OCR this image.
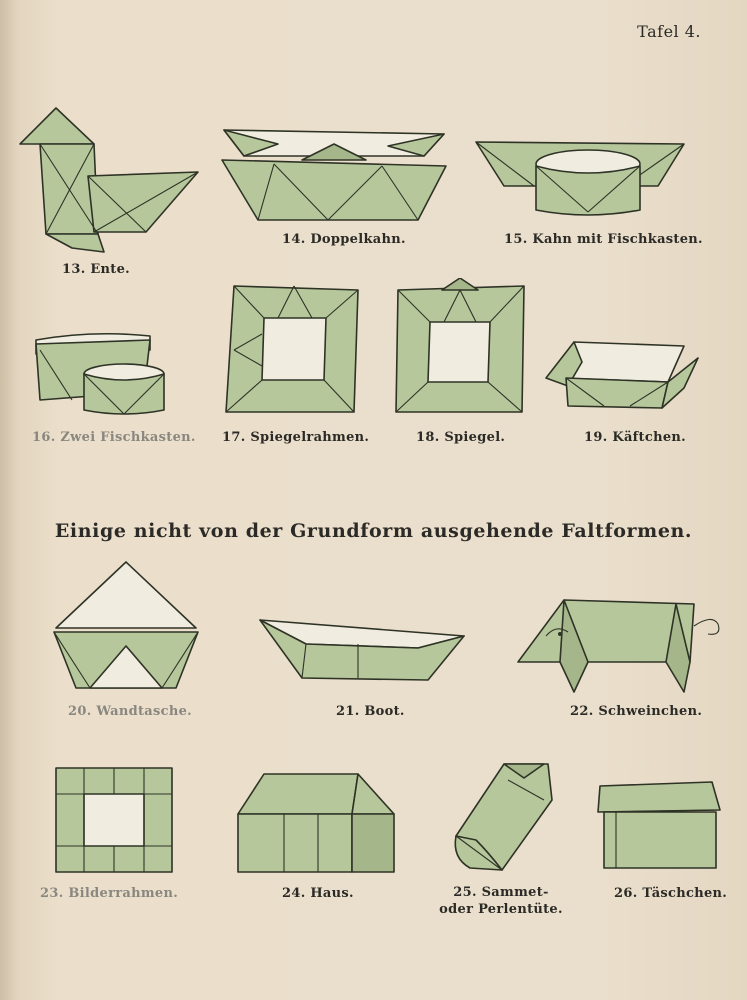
Tafel 4.
13. Ente.
14. Doppelkahn.	15. Kahn mit Fischkasten.
16. Zwei Fischkasten. 17. Spiegelrahmen.	18. Spiegel.	19. Käftchen.
Einige nicht von der Grundform ausgehende Faltformen.
20. Wandtasche.	21. Boot.	22. Schweinchen.
23. Bilderrahmen.	24. Haus.	25. Sammet- oder Perlentüte.
26. Täschchen.
